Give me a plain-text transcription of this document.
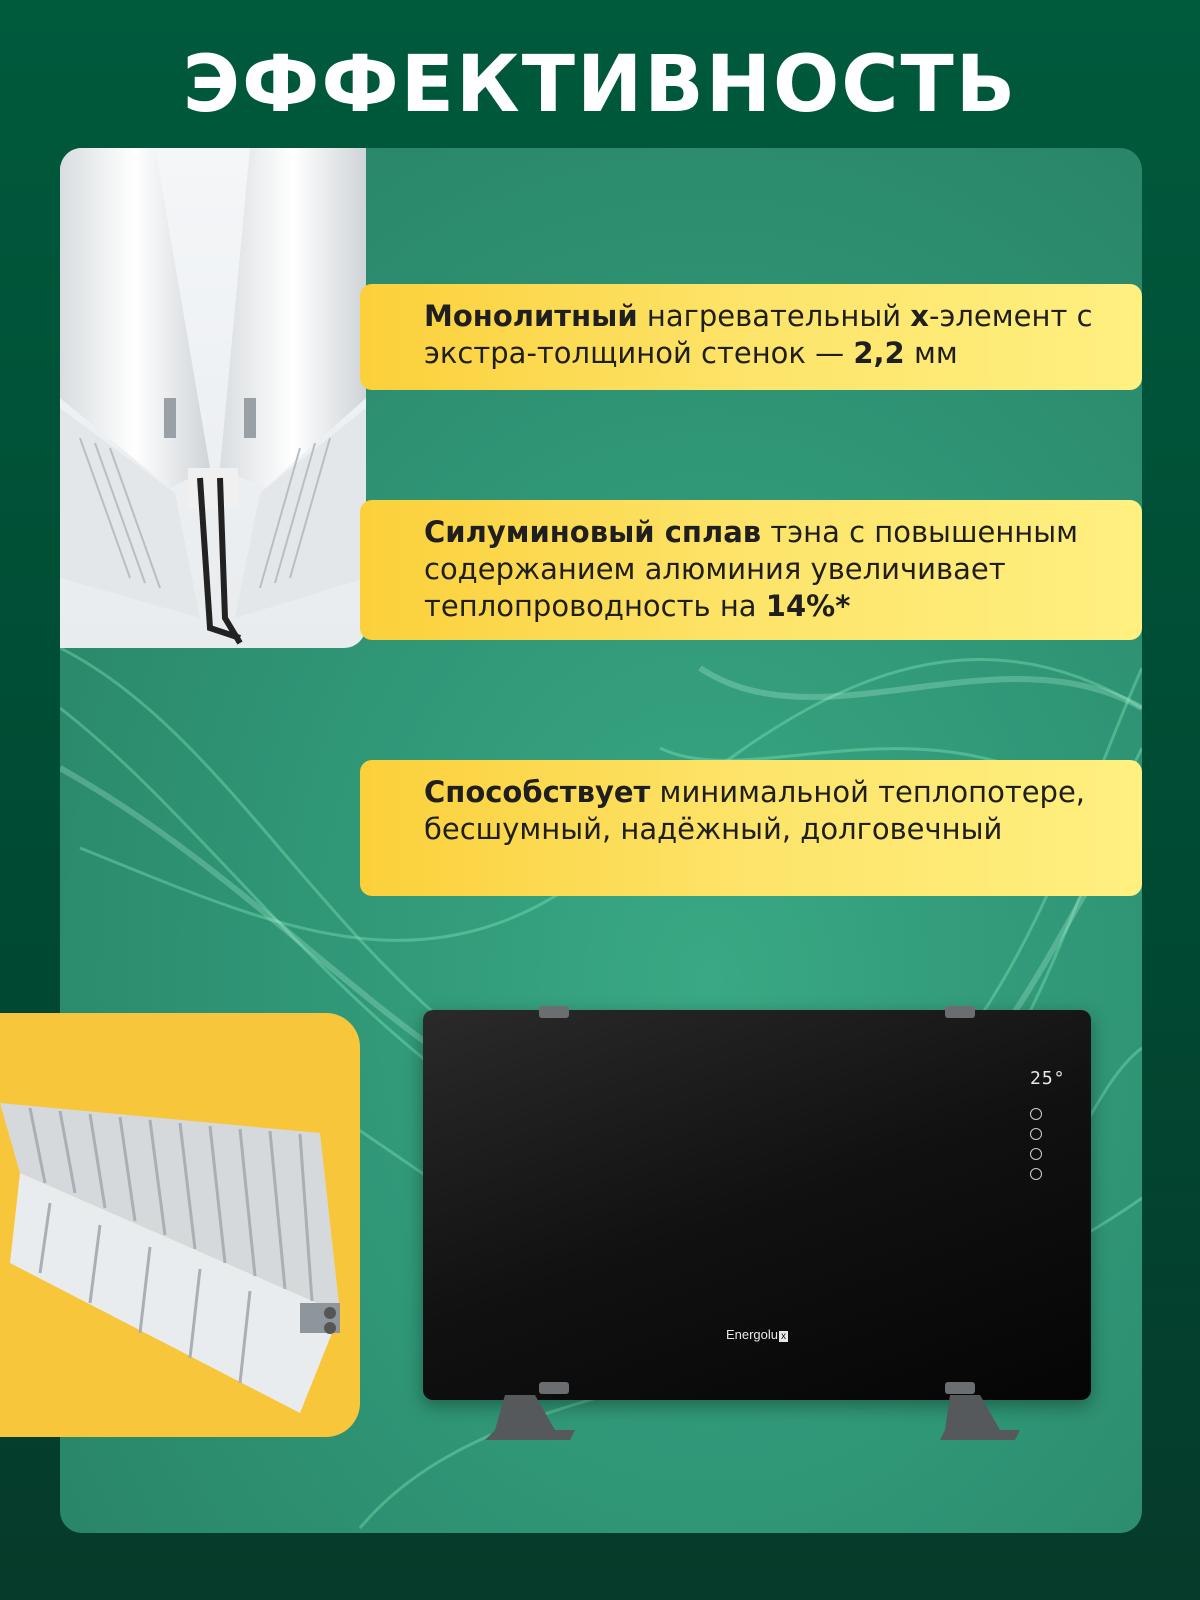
ЭФФЕКТИВНОСТЬ
Монолитный нагревательный х-элемент с экстра-толщиной стенок — 2,2 мм
Силуминовый сплав тэна с повышенным содержанием алюминия увеличивает теплопроводность на 14%*
Способствует минимальной теплопотере, бесшумный, надёжный, долговечный
25°
Energolu x
